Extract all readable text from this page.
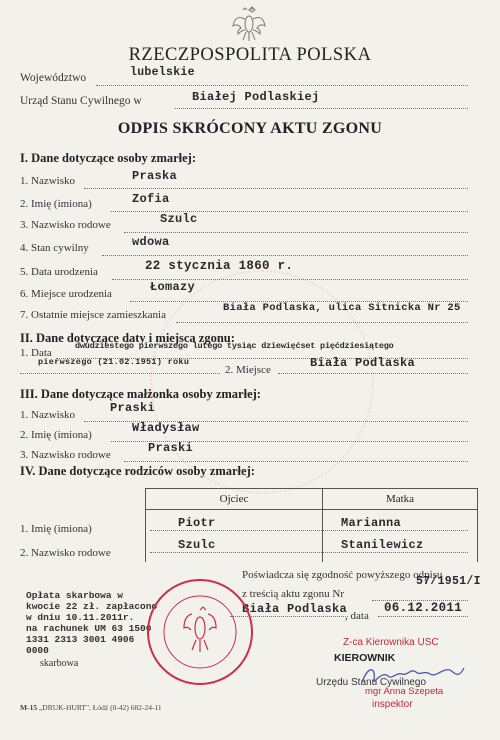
RZECZPOSPOLITA POLSKA
Województwo	lubelskie
Urząd Stanu Cywilnego w	Białej Podlaskiej
ODPIS SKRÓCONY AKTU ZGONU
I. Dane dotyczące osoby zmarłej:
1. Nazwisko	Praska
2. Imię (imiona)	Zofia
3. Nazwisko rodowe	Szulc
4. Stan cywilny	wdowa
5. Data urodzenia	22 stycznia 1860 r.
6. Miejsce urodzenia	Łomazy
7. Ostatnie miejsce zamieszkania
Biała Podlaska, ulica Sitnicka Nr 25
II. Dane dotyczące daty i miejsca zgonu:
1. Data
dwudziestego pierwszego lutego tysiąc dziewięćset pięćdziesiątego
pierwszego (21.02.1951) roku
2. Miejsce	Biała Podlaska
III. Dane dotyczące małżonka osoby zmarłej:
1. Nazwisko	Praski
2. Imię (imiona)	Władysław
3. Nazwisko rodowe	Praski
IV. Dane dotyczące rodziców osoby zmarłej:
Ojciec	Matka

1. Imię (imiona)	Piotr	Marianna
2. Nazwisko rodowe
Szulc	Stanilewicz
Poświadcza się zgodność powyższego odpisu
57/1951/I
z treścią aktu zgonu Nr
Biała Podlaska
, data
06.12.2011
Z-ca Kierownika USC
KIEROWNIK
Urzędu Stanu Cywilnego
mgr Anna Szepeta
inspektor
Opłata skarbowa w
kwocie 22 zł. zapłacono
w dniu 10.11.2011r.
na rachunek UM 63 1500
1331 2313 3001 4906
0000
skarbowa
M-15 „DRUK-HURT", Łódź (0-42) 682-24-11
